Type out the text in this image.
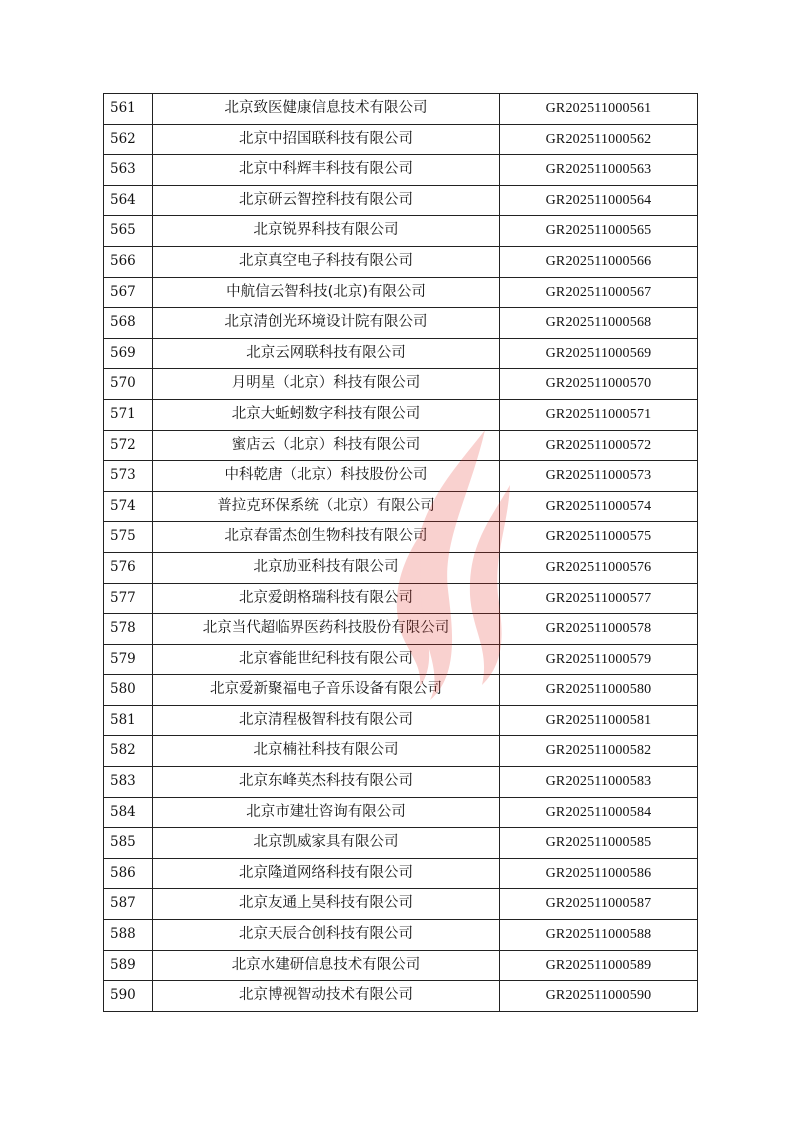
561	北京致医健康信息技术有限公司	GR202511000561
562	北京中招国联科技有限公司	GR202511000562
563	北京中科辉丰科技有限公司	GR202511000563
564	北京研云智控科技有限公司	GR202511000564
565	北京锐界科技有限公司	GR202511000565
566	北京真空电子科技有限公司	GR202511000566
567	中航信云智科技(北京)有限公司	GR202511000567
568	北京清创光环境设计院有限公司	GR202511000568
569	北京云网联科技有限公司	GR202511000569
570	月明星（北京）科技有限公司	GR202511000570
571	北京大蚯蚓数字科技有限公司	GR202511000571
572	蜜店云（北京）科技有限公司	GR202511000572
573	中科乾唐（北京）科技股份公司	GR202511000573
574	普拉克环保系统（北京）有限公司	GR202511000574
575	北京春雷杰创生物科技有限公司	GR202511000575
576	北京劢亚科技有限公司	GR202511000576
577	北京爱朗格瑞科技有限公司	GR202511000577
578	北京当代超临界医药科技股份有限公司	GR202511000578
579	北京睿能世纪科技有限公司	GR202511000579
580	北京爱新聚福电子音乐设备有限公司	GR202511000580
581	北京清程极智科技有限公司	GR202511000581
582	北京楠社科技有限公司	GR202511000582
583	北京东峰英杰科技有限公司	GR202511000583
584	北京市建壮咨询有限公司	GR202511000584
585	北京凯威家具有限公司	GR202511000585
586	北京隆道网络科技有限公司	GR202511000586
587	北京友通上昊科技有限公司	GR202511000587
588	北京天辰合创科技有限公司	GR202511000588
589	北京水建研信息技术有限公司	GR202511000589
590	北京博视智动技术有限公司	GR202511000590
